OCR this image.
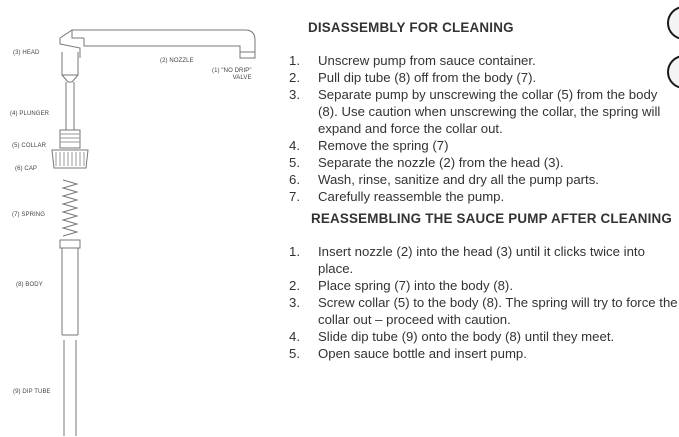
(3) HEAD
(2) NOZZLE
(1) "NO DRIP"
VALVE
(4) PLUNGER
(5) COLLAR
(6) CAP
(7) SPRING
(8) BODY
(9) DIP TUBE
DISASSEMBLY FOR CLEANING
1. Unscrew pump from sauce container.
2. Pull dip tube (8) off from the body (7).
3. Separate pump by unscrewing the collar (5) from the body (8). Use caution when unscrewing the collar, the spring will expand and force the collar out.
4. Remove the spring (7)
5. Separate the nozzle (2) from the head (3).
6. Wash, rinse, sanitize and dry all the pump parts.
7. Carefully reassemble the pump.
REASSEMBLING THE SAUCE PUMP AFTER CLEANING
1. Insert nozzle (2) into the head (3) until it clicks twice into place.
2. Place spring (7) into the body (8).
3. Screw collar (5) to the body (8). The spring will try to force the collar out – proceed with caution.
4. Slide dip tube (9) onto the body (8) until they meet.
5. Open sauce bottle and insert pump.
